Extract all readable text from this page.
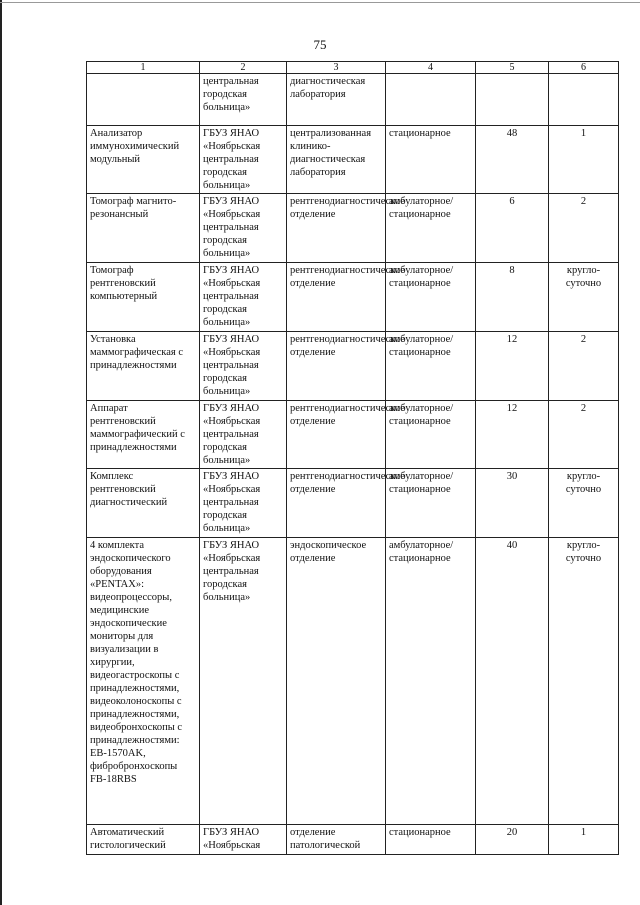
75
1	2	3	4	5	6
	центральная городская больница»	диагностическая лаборатория			
Анализатор иммунохимический модульный	ГБУЗ ЯНАО «Ноябрьская центральная городская больница»	централизованная клинико-диагностическая лаборатория	стационарное	48	1
Томограф магнито-резонансный	ГБУЗ ЯНАО «Ноябрьская центральная городская больница»	рентгенодиагностическое отделение	амбулаторное/ стационарное	6	2
Томограф рентгеновский компьютерный	ГБУЗ ЯНАО «Ноябрьская центральная городская больница»	рентгенодиагностическое отделение	амбулаторное/ стационарное	8	кругло-суточно
Установка маммографическая с принадлежностями	ГБУЗ ЯНАО «Ноябрьская центральная городская больница»	рентгенодиагностическое отделение	амбулаторное/ стационарное	12	2
Аппарат рентгеновский маммографический с принадлежностями	ГБУЗ ЯНАО «Ноябрьская центральная городская больница»	рентгенодиагностическое отделение	амбулаторное/ стационарное	12	2
Комплекс рентгеновский диагностический	ГБУЗ ЯНАО «Ноябрьская центральная городская больница»	рентгенодиагностическое отделение	амбулаторное/ стационарное	30	кругло-суточно
4 комплекта эндоскопического оборудования «PENTAX»: видеопроцессоры, медицинские эндоскопические мониторы для визуализации в хирургии, видеогастроскопы с принадлежностями, видеоколоноскопы с принадлежностями, видеобронхоскопы с принадлежностями: EB-1570AK, фибробронхоскопы FB-18RBS	ГБУЗ ЯНАО «Ноябрьская центральная городская больница»	эндоскопическое отделение	амбулаторное/ стационарное	40	кругло-суточно
Автоматический гистологический	ГБУЗ ЯНАО «Ноябрьская	отделение патологической	стационарное	20	1
